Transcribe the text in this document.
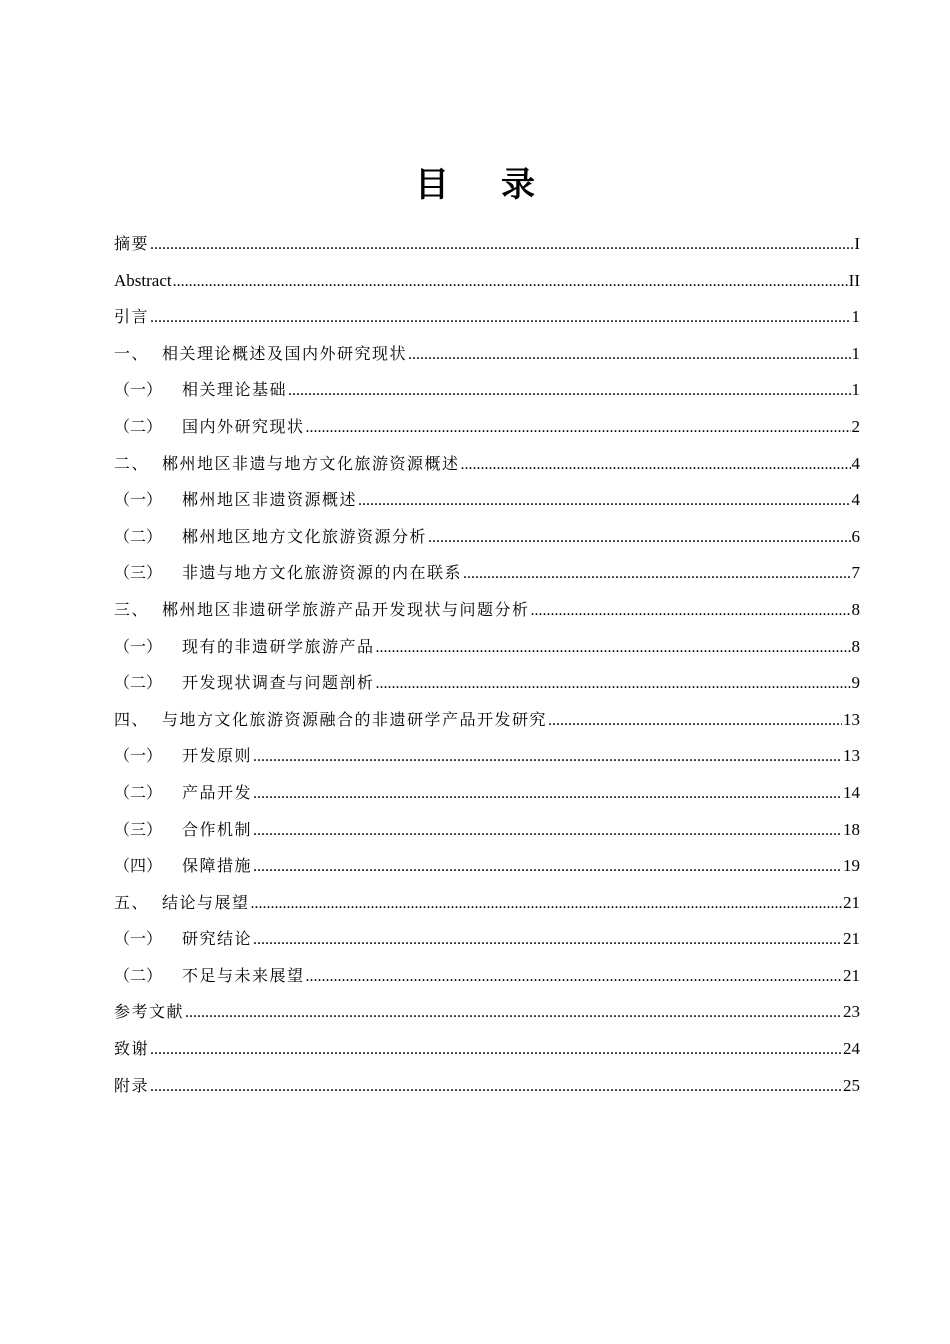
目录
摘要 .....	I
Abstract .....	II
引言 .....	1
一、 相关理论概述及国内外研究现状 .....	1
（一）	相关理论基础 .....	1
（二）	国内外研究现状 .....	2
二、 郴州地区非遗与地方文化旅游资源概述 .....	4
（一）	郴州地区非遗资源概述 .....	4
（二）	郴州地区地方文化旅游资源分析 .....	6
（三）	非遗与地方文化旅游资源的内在联系 .....	7
三、 郴州地区非遗研学旅游产品开发现状与问题分析 .....	8
（一）	现有的非遗研学旅游产品 .....	8
（二）	开发现状调查与问题剖析 .....	9
四、 与地方文化旅游资源融合的非遗研学产品开发研究 .....	13
（一）	开发原则 .....	13
（二）	产品开发 .....	14
（三）	合作机制 .....	18
（四）	保障措施 .....	19
五、 结论与展望 .....	21
（一）	研究结论 .....	21
（二）	不足与未来展望 .....	21
参考文献 .....	23
致谢 .....	24
附录 .....	25
